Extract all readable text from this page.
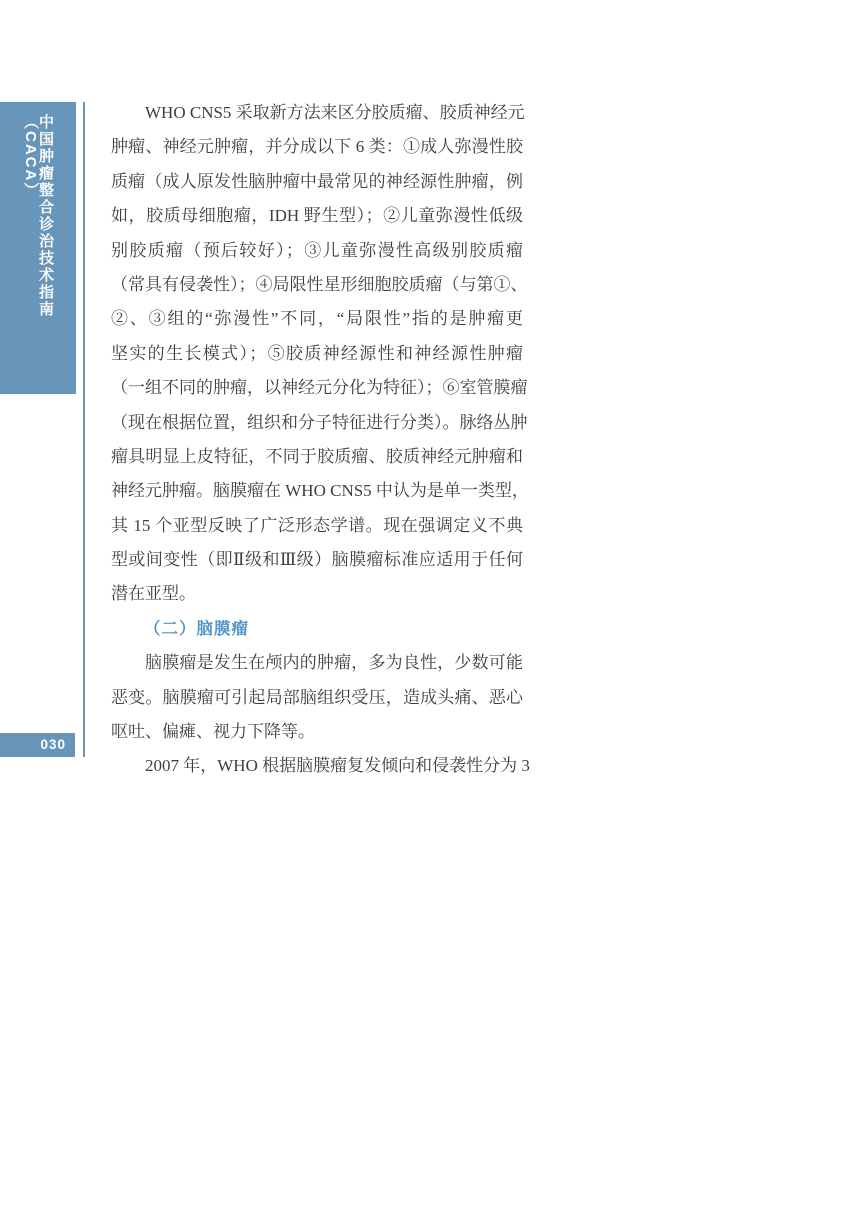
中国肿瘤整合诊治技术指南（CACA）
030
WHO CNS5 采取新方法来区分胶质瘤、胶质神经元
肿瘤、神经元肿瘤，并分成以下 6 类：①成人弥漫性胶
质瘤（成人原发性脑肿瘤中最常见的神经源性肿瘤，例
如，胶质母细胞瘤，IDH 野生型）；②儿童弥漫性低级
别胶质瘤（预后较好）；③儿童弥漫性高级别胶质瘤
（常具有侵袭性）；④局限性星形细胞胶质瘤（与第①、
②、③组的“弥漫性”不同，“局限性”指的是肿瘤更
坚实的生长模式）；⑤胶质神经源性和神经源性肿瘤
（一组不同的肿瘤，以神经元分化为特征）；⑥室管膜瘤
（现在根据位置，组织和分子特征进行分类）。脉络丛肿
瘤具明显上皮特征，不同于胶质瘤、胶质神经元肿瘤和
神经元肿瘤。脑膜瘤在 WHO CNS5 中认为是单一类型，
其 15 个亚型反映了广泛形态学谱。现在强调定义不典
型或间变性（即Ⅱ级和Ⅲ级）脑膜瘤标准应适用于任何
潜在亚型。
（二）脑膜瘤
脑膜瘤是发生在颅内的肿瘤，多为良性，少数可能
恶变。脑膜瘤可引起局部脑组织受压，造成头痛、恶心
呕吐、偏瘫、视力下降等。
2007 年，WHO 根据脑膜瘤复发倾向和侵袭性分为 3
